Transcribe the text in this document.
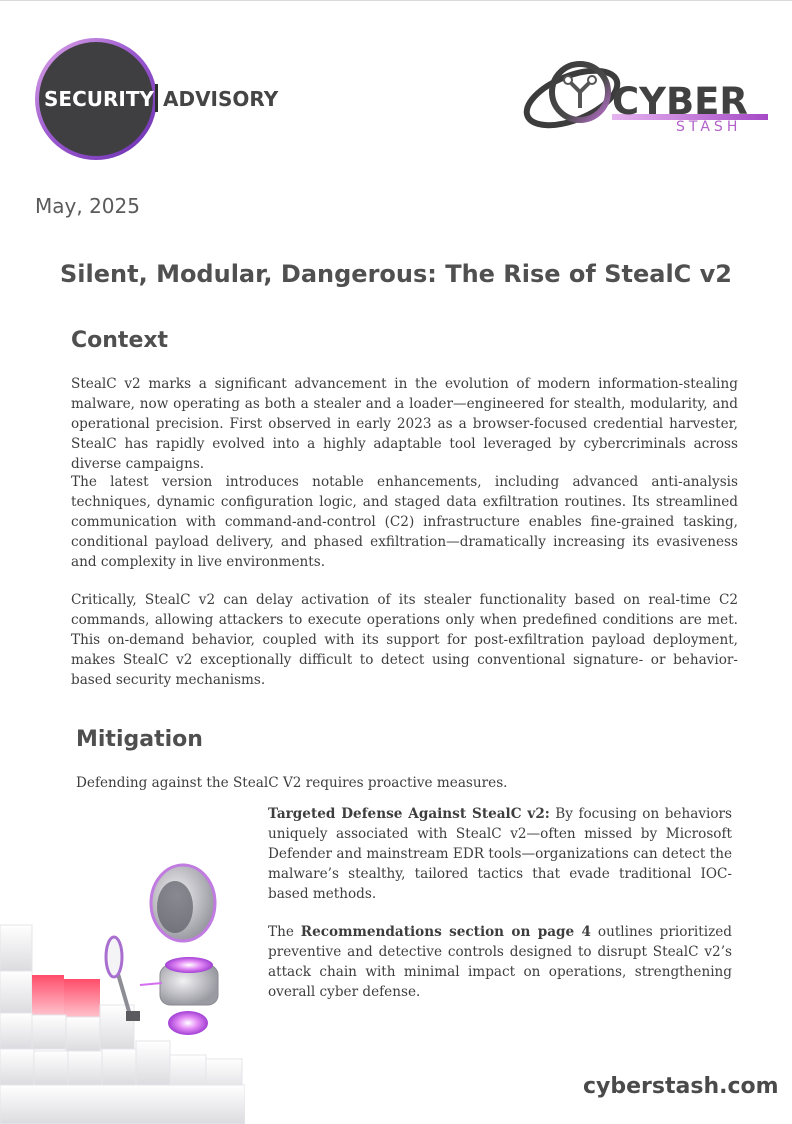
SECURITY ADVISORY	CYBER
STASH
May, 2025
Silent, Modular, Dangerous: The Rise of StealC v2
Context
StealC v2 marks a significant advancement in the evolution of modern information-stealing malware, now operating as both a stealer and a loader—engineered for stealth, modularity, and operational precision. First observed in early 2023 as a browser-focused credential harvester, StealC has rapidly evolved into a highly adaptable tool leveraged by cybercriminals across diverse campaigns.
The latest version introduces notable enhancements, including advanced anti-analysis techniques, dynamic configuration logic, and staged data exfiltration routines. Its streamlined communication with command-and-control (C2) infrastructure enables fine-grained tasking, conditional payload delivery, and phased exfiltration—dramatically increasing its evasiveness and complexity in live environments.
Critically, StealC v2 can delay activation of its stealer functionality based on real-time C2 commands, allowing attackers to execute operations only when predefined conditions are met. This on-demand behavior, coupled with its support for post-exfiltration payload deployment, makes StealC v2 exceptionally difficult to detect using conventional signature- or behavior-based security mechanisms.
Mitigation
Defending against the StealC V2 requires proactive measures.
Targeted Defense Against StealC v2: By focusing on behaviors uniquely associated with StealC v2—often missed by Microsoft Defender and mainstream EDR tools—organizations can detect the malware’s stealthy, tailored tactics that evade traditional IOC-based methods.
The Recommendations section on page 4 outlines prioritized preventive and detective controls designed to disrupt StealC v2’s attack chain with minimal impact on operations, strengthening overall cyber defense.
cyberstash.com
